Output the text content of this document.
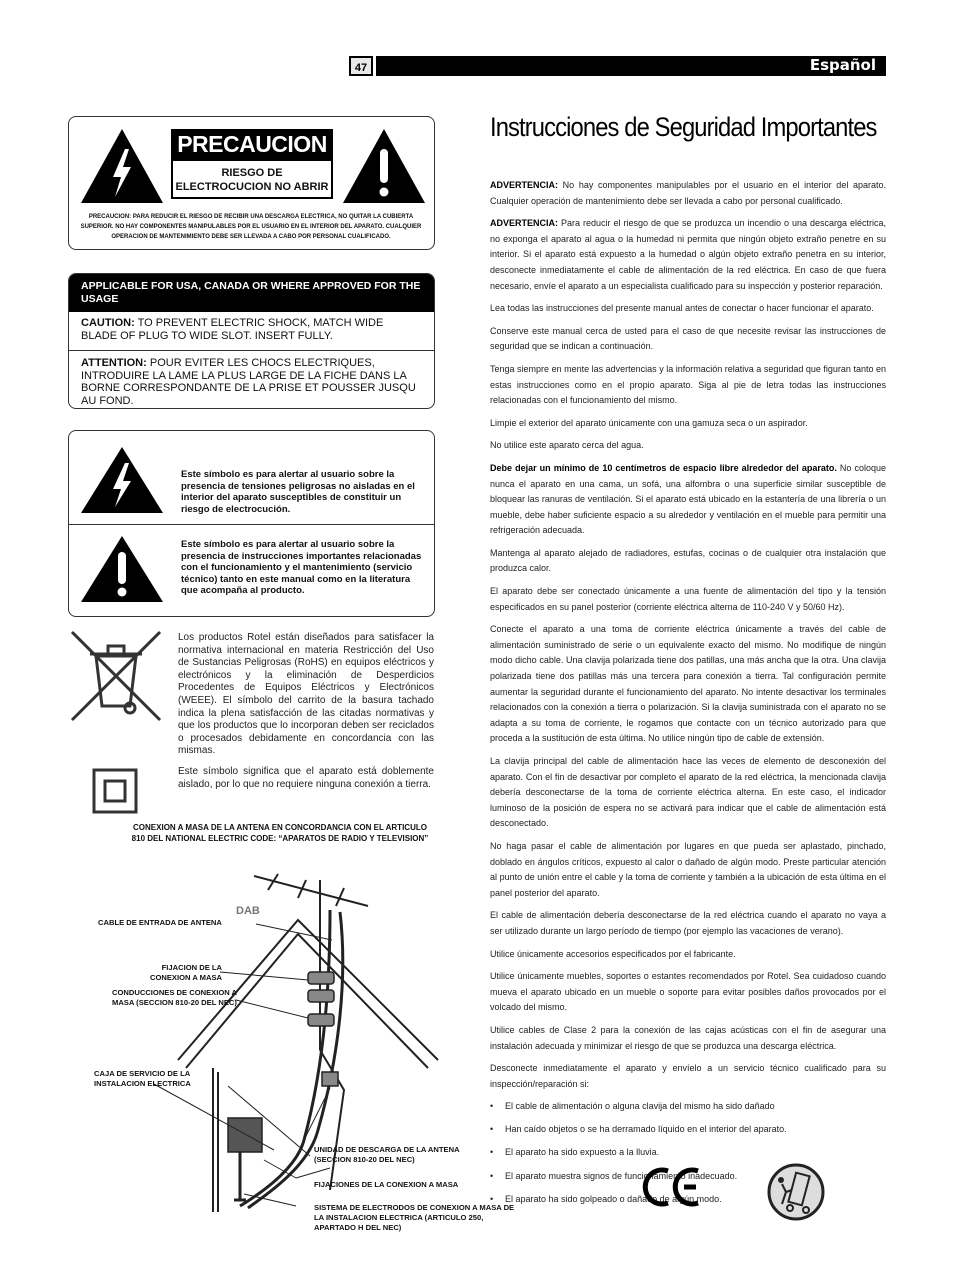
47	Español
PRECAUCION
RIESGO DE ELECTROCUCION NO ABRIR
PRECAUCION: PARA REDUCIR EL RIESGO DE RECIBIR UNA DESCARGA ELECTRICA, NO QUITAR LA CUBIERTA SUPERIOR. NO HAY COMPONENTES MANIPULABLES POR EL USUARIO EN EL INTERIOR DEL APARATO. CUALQUIER OPERACION DE MANTENIMIENTO DEBE SER LLEVADA A CABO POR PERSONAL CUALIFICADO.
APPLICABLE FOR USA, CANADA OR WHERE APPROVED FOR THE USAGE

CAUTION: TO PREVENT ELECTRIC SHOCK, MATCH WIDE BLADE OF PLUG TO WIDE SLOT. INSERT FULLY.

ATTENTION: POUR EVITER LES CHOCS ELECTRIQUES, INTRODUIRE LA LAME LA PLUS LARGE DE LA FICHE DANS LA BORNE CORRESPONDANTE DE LA PRISE ET POUSSER JUSQU AU FOND.

Este símbolo es para alertar al usuario sobre la presencia de tensiones peligrosas no aisladas en el interior del aparato susceptibles de constituir un riesgo de electrocución.
Este símbolo es para alertar al usuario sobre la presencia de instrucciones importantes relacionadas con el funcionamiento y el mantenimiento (servicio técnico) tanto en este manual como en la literatura que acompaña al producto.
Los productos Rotel están diseñados para satisfacer la normativa internacional en materia Restricción del Uso de Sustancias Peligrosas (RoHS) en equipos eléctricos y electrónicos y la eliminación de Desperdicios Procedentes de Equipos Eléctricos y Electrónicos (WEEE). El símbolo del carrito de la basura tachado indica la plena satisfacción de las citadas normativas y que los productos que lo incorporan deben ser reciclados o procesados debidamente en concordancia con las mismas.
Este símbolo significa que el aparato está doblemente aislado, por lo que no requiere ninguna conexión a tierra.
CONEXION A MASA DE LA ANTENA EN CONCORDANCIA CON EL ARTICULO 810 DEL NATIONAL ELECTRIC CODE: “APARATOS DE RADIO Y TELEVISION”
DAB
CABLE DE ENTRADA DE ANTENA
FIJACION DE LA CONEXION A MASA
CONDUCCIONES DE CONEXION A MASA (SECCION 810-20 DEL NEC)
CAJA DE SERVICIO DE LA INSTALACION ELECTRICA
UNIDAD DE DESCARGA DE LA ANTENA (SECCION 810-20 DEL NEC)
FIJACIONES DE LA CONEXION A MASA
SISTEMA DE ELECTRODOS DE CONEXION A MASA DE LA INSTALACION ELECTRICA (ARTICULO 250, APARTADO H DEL NEC)
Instrucciones de Seguridad Importantes

ADVERTENCIA: No hay componentes manipulables por el usuario en el interior del aparato. Cualquier operación de mantenimiento debe ser llevada a cabo por personal cualificado.

ADVERTENCIA: Para reducir el riesgo de que se produzca un incendio o una descarga eléctrica, no exponga el aparato al agua o la humedad ni permita que ningún objeto extraño penetre en su interior. Si el aparato está expuesto a la humedad o algún objeto extraño penetra en su interior, desconecte inmediatamente el cable de alimentación de la red eléctrica. En caso de que fuera necesario, envíe el aparato a un especialista cualificado para su inspección y posterior reparación.

Lea todas las instrucciones del presente manual antes de conectar o hacer funcionar el aparato.

Conserve este manual cerca de usted para el caso de que necesite revisar las instrucciones de seguridad que se indican a continuación.

Tenga siempre en mente las advertencias y la información relativa a seguridad que figuran tanto en estas instrucciones como en el propio aparato. Siga al pie de letra todas las instrucciones relacionadas con el funcionamiento del mismo.

Limpie el exterior del aparato únicamente con una gamuza seca o un aspirador.

No utilice este aparato cerca del agua.

Debe dejar un mínimo de 10 centímetros de espacio libre alrededor del aparato. No coloque nunca el aparato en una cama, un sofá, una alfombra o una superficie similar susceptible de bloquear las ranuras de ventilación. Si el aparato está ubicado en la estantería de una librería o un mueble, debe haber suficiente espacio a su alrededor y ventilación en el mueble para permitir una refrigeración adecuada.

Mantenga al aparato alejado de radiadores, estufas, cocinas o de cualquier otra instalación que produzca calor.

El aparato debe ser conectado únicamente a una fuente de alimentación del tipo y la tensión especificados en su panel posterior (corriente eléctrica alterna de 110-240 V y 50/60 Hz).

Conecte el aparato a una toma de corriente eléctrica únicamente a través del cable de alimentación suministrado de serie o un equivalente exacto del mismo. No modifique de ningún modo dicho cable. Una clavija polarizada tiene dos patillas, una más ancha que la otra. Una clavija polarizada tiene dos patillas más una tercera para conexión a tierra. Tal configuración permite aumentar la seguridad durante el funcionamiento del aparato. No intente desactivar los terminales relacionados con la conexión a tierra o polarización. Si la clavija suministrada con el aparato no se adapta a su toma de corriente, le rogamos que contacte con un técnico autorizado para que proceda a la sustitución de esta última. No utilice ningún tipo de cable de extensión.

La clavija principal del cable de alimentación hace las veces de elemento de desconexión del aparato. Con el fin de desactivar por completo el aparato de la red eléctrica, la mencionada clavija debería desconectarse de la toma de corriente eléctrica alterna. En este caso, el indicador luminoso de la posición de espera no se activará para indicar que el cable de alimentación está desconectado.

No haga pasar el cable de alimentación por lugares en que pueda ser aplastado, pinchado, doblado en ángulos críticos, expuesto al calor o dañado de algún modo. Preste particular atención al punto de unión entre el cable y la toma de corriente y también a la ubicación de esta última en el panel posterior del aparato.

El cable de alimentación debería desconectarse de la red eléctrica cuando el aparato no vaya a ser utilizado durante un largo período de tiempo (por ejemplo las vacaciones de verano).

Utilice únicamente accesorios especificados por el fabricante.

Utilice únicamente muebles, soportes o estantes recomendados por Rotel. Sea cuidadoso cuando mueva el aparato ubicado en un mueble o soporte para evitar posibles daños provocados por el volcado del mismo.

Utilice cables de Clase 2 para la conexión de las cajas acústicas con el fin de asegurar una instalación adecuada y minimizar el riesgo de que se produzca una descarga eléctrica.

Desconecte inmediatamente el aparato y envíelo a un servicio técnico cualificado para su inspección/reparación si:

• El cable de alimentación o alguna clavija del mismo ha sido dañado
• Han caído objetos o se ha derramado líquido en el interior del aparato.
• El aparato ha sido expuesto a la lluvia.
• El aparato muestra signos de funcionamiento inadecuado.
• El aparato ha sido golpeado o dañado de algún modo.
